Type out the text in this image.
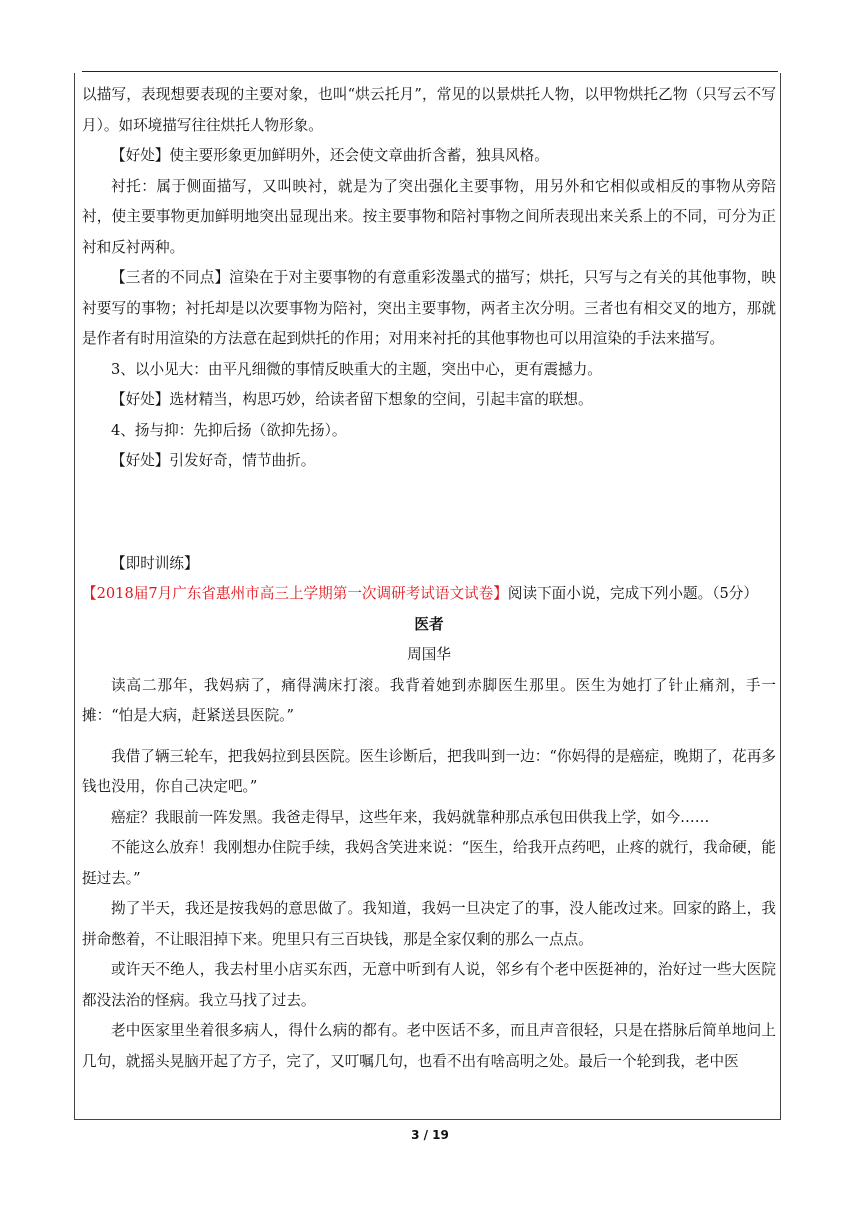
以描写，表现想要表现的主要对象，也叫“烘云托月”，常见的以景烘托人物，以甲物烘托乙物（只写云不写月）。如环境描写往往烘托人物形象。

【好处】使主要形象更加鲜明外，还会使文章曲折含蓄，独具风格。

衬托：属于侧面描写，又叫映衬，就是为了突出强化主要事物，用另外和它相似或相反的事物从旁陪衬，使主要事物更加鲜明地突出显现出来。按主要事物和陪衬事物之间所表现出来关系上的不同，可分为正衬和反衬两种。

【三者的不同点】渲染在于对主要事物的有意重彩泼墨式的描写；烘托，只写与之有关的其他事物，映衬要写的事物；衬托却是以次要事物为陪衬，突出主要事物，两者主次分明。三者也有相交叉的地方，那就是作者有时用渲染的方法意在起到烘托的作用；对用来衬托的其他事物也可以用渲染的手法来描写。

3、以小见大：由平凡细微的事情反映重大的主题，突出中心，更有震撼力。

【好处】选材精当，构思巧妙，给读者留下想象的空间，引起丰富的联想。

4、扬与抑：先抑后扬（欲抑先扬）。

【好处】引发好奇，情节曲折。

【即时训练】

【2018届7月广东省惠州市高三上学期第一次调研考试语文试卷】阅读下面小说，完成下列小题。（5分）

医者

周国华

读高二那年，我妈病了，痛得满床打滚。我背着她到赤脚医生那里。医生为她打了针止痛剂，手一摊：“怕是大病，赶紧送县医院。”

我借了辆三轮车，把我妈拉到县医院。医生诊断后，把我叫到一边：“你妈得的是癌症，晚期了，花再多钱也没用，你自己决定吧。”

癌症？我眼前一阵发黑。我爸走得早，这些年来，我妈就靠种那点承包田供我上学，如今……

不能这么放弃！我刚想办住院手续，我妈含笑进来说：“医生，给我开点药吧，止疼的就行，我命硬，能挺过去。”

拗了半天，我还是按我妈的意思做了。我知道，我妈一旦决定了的事，没人能改过来。回家的路上，我拼命憋着，不让眼泪掉下来。兜里只有三百块钱，那是全家仅剩的那么一点点。

或许天不绝人，我去村里小店买东西，无意中听到有人说，邻乡有个老中医挺神的，治好过一些大医院都没法治的怪病。我立马找了过去。

老中医家里坐着很多病人，得什么病的都有。老中医话不多，而且声音很轻，只是在搭脉后简单地问上几句，就摇头晃脑开起了方子，完了，又叮嘱几句，也看不出有啥高明之处。最后一个轮到我，老中医

3 / 19
